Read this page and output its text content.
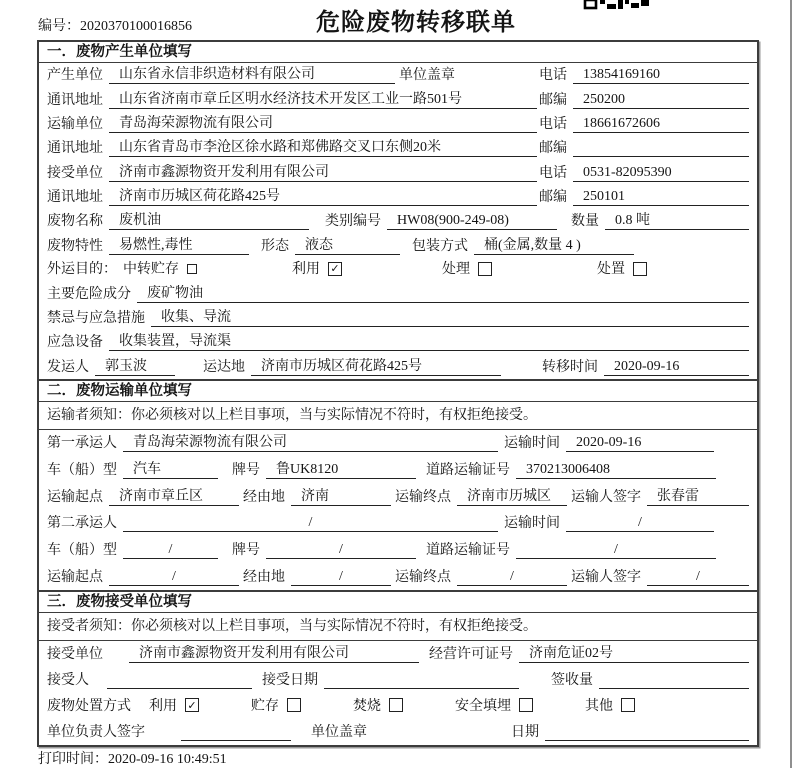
编号：2020370100016856	危险废物转移联单
一．废物产生单位填写
产生单位	山东省永信非织造材料有限公司	单位盖章	电话	13854169160
通讯地址	山东省济南市章丘区明水经济技术开发区工业一路501号	邮编	250200
运输单位	青岛海荣源物流有限公司	电话	18661672606
通讯地址	山东省青岛市李沧区徐水路和郑佛路交叉口东侧20米	邮编
接受单位	济南市鑫源物资开发利用有限公司	电话	0531-82095390
通讯地址	济南市历城区荷花路425号	邮编	250101
废物名称	废机油	类别编号	HW08(900-249-08)	数量	0.8 吨
废物特性	易燃性,毒性	形态	液态	包装方式	桶(金属,数量 4 )
外运目的： 中转贮存	利用 ✓	处理	处置
主要危险成分	废矿物油
禁忌与应急措施	收集、导流
应急设备	收集装置，导流渠
发运人	郭玉波	运达地	济南市历城区荷花路425号	转移时间	2020-09-16
二．废物运输单位填写
运输者须知：你必须核对以上栏目事项，当与实际情况不符时，有权拒绝接受。
第一承运人	青岛海荣源物流有限公司	运输时间	2020-09-16
车（船）型	汽车	牌号	鲁UK8120	道路运输证号	370213006408
运输起点	济南市章丘区	经由地	济南	运输终点	济南市历城区	运输人签字	张春雷
第二承运人	/	运输时间	/
车（船）型	/	牌号	/	道路运输证号	/
运输起点	/	经由地	/	运输终点	/	运输人签字	/
三．废物接受单位填写
接受者须知：你必须核对以上栏目事项，当与实际情况不符时，有权拒绝接受。
接受单位	济南市鑫源物资开发利用有限公司	经营许可证号	济南危证02号
接受人	接受日期	签收量
废物处置方式 利用 ✓	贮存	焚烧	安全填埋	其他
单位负责人签字	单位盖章	日期
打印时间：2020-09-16 10:49:51
